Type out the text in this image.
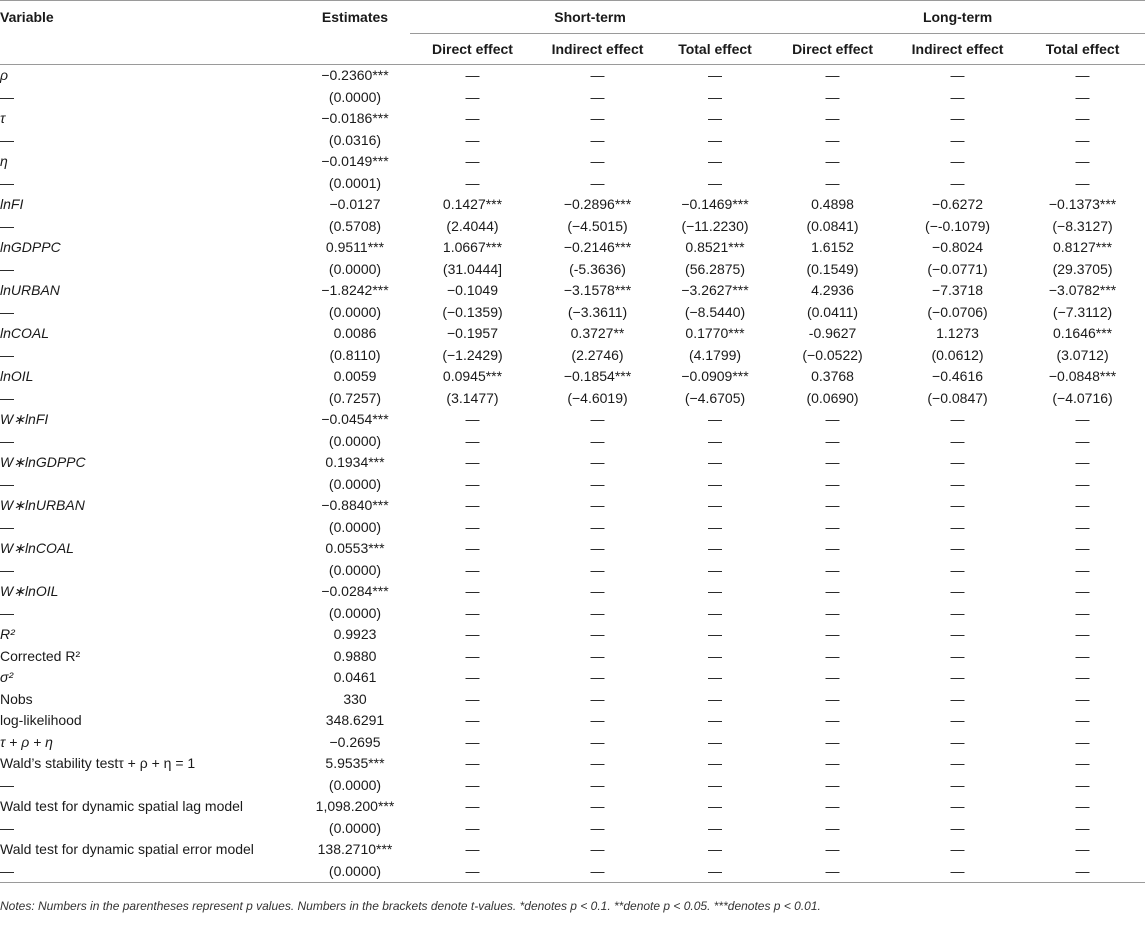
Variable	Estimates	Short-term			Long-term		
		Direct effect	Indirect effect	Total effect	Direct effect	Indirect effect	Total effect
ρ	−0.2360***	—	—	—	—	—	—
—	(0.0000)	—	—	—	—	—	—
τ	−0.0186***	—	—	—	—	—	—
—	(0.0316)	—	—	—	—	—	—
η	−0.0149***	—	—	—	—	—	—
—	(0.0001)	—	—	—	—	—	—
lnFI	−0.0127	0.1427***	−0.2896***	−0.1469***	0.4898	−0.6272	−0.1373***
—	(0.5708)	(2.4044)	(−4.5015)	(−11.2230)	(0.0841)	(−-0.1079)	(−8.3127)
lnGDPPC	0.9511***	1.0667***	−0.2146***	0.8521***	1.6152	−0.8024	0.8127***
—	(0.0000)	(31.0444]	(-5.3636)	(56.2875)	(0.1549)	(−0.0771)	(29.3705)
lnURBAN	−1.8242***	−0.1049	−3.1578***	−3.2627***	4.2936	−7.3718	−3.0782***
—	(0.0000)	(−0.1359)	(−3.3611)	(−8.5440)	(0.0411)	(−0.0706)	(−7.3112)
lnCOAL	0.0086	−0.1957	0.3727**	0.1770***	-0.9627	1.1273	0.1646***
—	(0.8110)	(−1.2429)	(2.2746)	(4.1799)	(−0.0522)	(0.0612)	(3.0712)
lnOIL	0.0059	0.0945***	−0.1854***	−0.0909***	0.3768	−0.4616	−0.0848***
—	(0.7257)	(3.1477)	(−4.6019)	(−4.6705)	(0.0690)	(−0.0847)	(−4.0716)
W∗lnFI	−0.0454***	—	—	—	—	—	—
—	(0.0000)	—	—	—	—	—	—
W∗lnGDPPC	0.1934***	—	—	—	—	—	—
—	(0.0000)	—	—	—	—	—	—
W∗lnURBAN	−0.8840***	—	—	—	—	—	—
—	(0.0000)	—	—	—	—	—	—
W∗lnCOAL	0.0553***	—	—	—	—	—	—
—	(0.0000)	—	—	—	—	—	—
W∗lnOIL	−0.0284***	—	—	—	—	—	—
—	(0.0000)	—	—	—	—	—	—
R²	0.9923	—	—	—	—	—	—
Corrected R²	0.9880	—	—	—	—	—	—
σ²	0.0461	—	—	—	—	—	—
Nobs	330	—	—	—	—	—	—
log-likelihood	348.6291	—	—	—	—	—	—
τ + ρ + η	−0.2695	—	—	—	—	—	—
Wald’s stability testτ + ρ + η = 1	5.9535***	—	—	—	—	—	—
—	(0.0000)	—	—	—	—	—	—
Wald test for dynamic spatial lag model	1,098.200***	—	—	—	—	—	—
—	(0.0000)	—	—	—	—	—	—
Wald test for dynamic spatial error model	138.2710***	—	—	—	—	—	—
—	(0.0000)	—	—	—	—	—	—
Notes: Numbers in the parentheses represent p values. Numbers in the brackets denote t-values. *denotes p < 0.1. **denote p < 0.05. ***denotes p < 0.01.
